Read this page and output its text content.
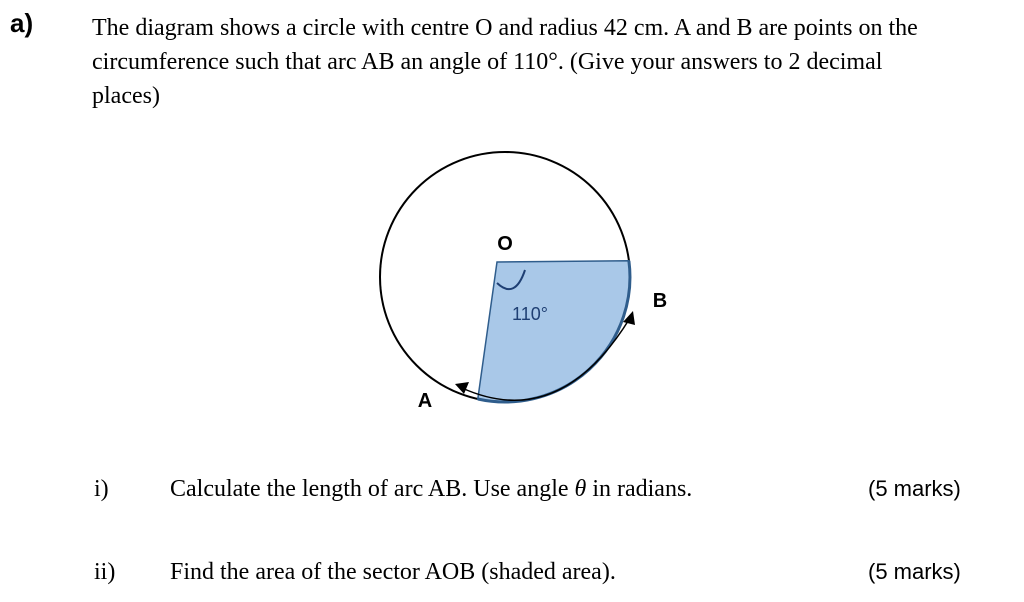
a) The diagram shows a circle with centre O and radius 42 cm. A and B are points on the

circumference such that arc AB an angle of 110°. (Give your answers to 2 decimal

places)

O
B
A
110°
i)	Calculate the length of arc AB. Use angle θ in radians.	(5 marks)
ii) Find the area of the sector AOB (shaded area).	(5 marks)
